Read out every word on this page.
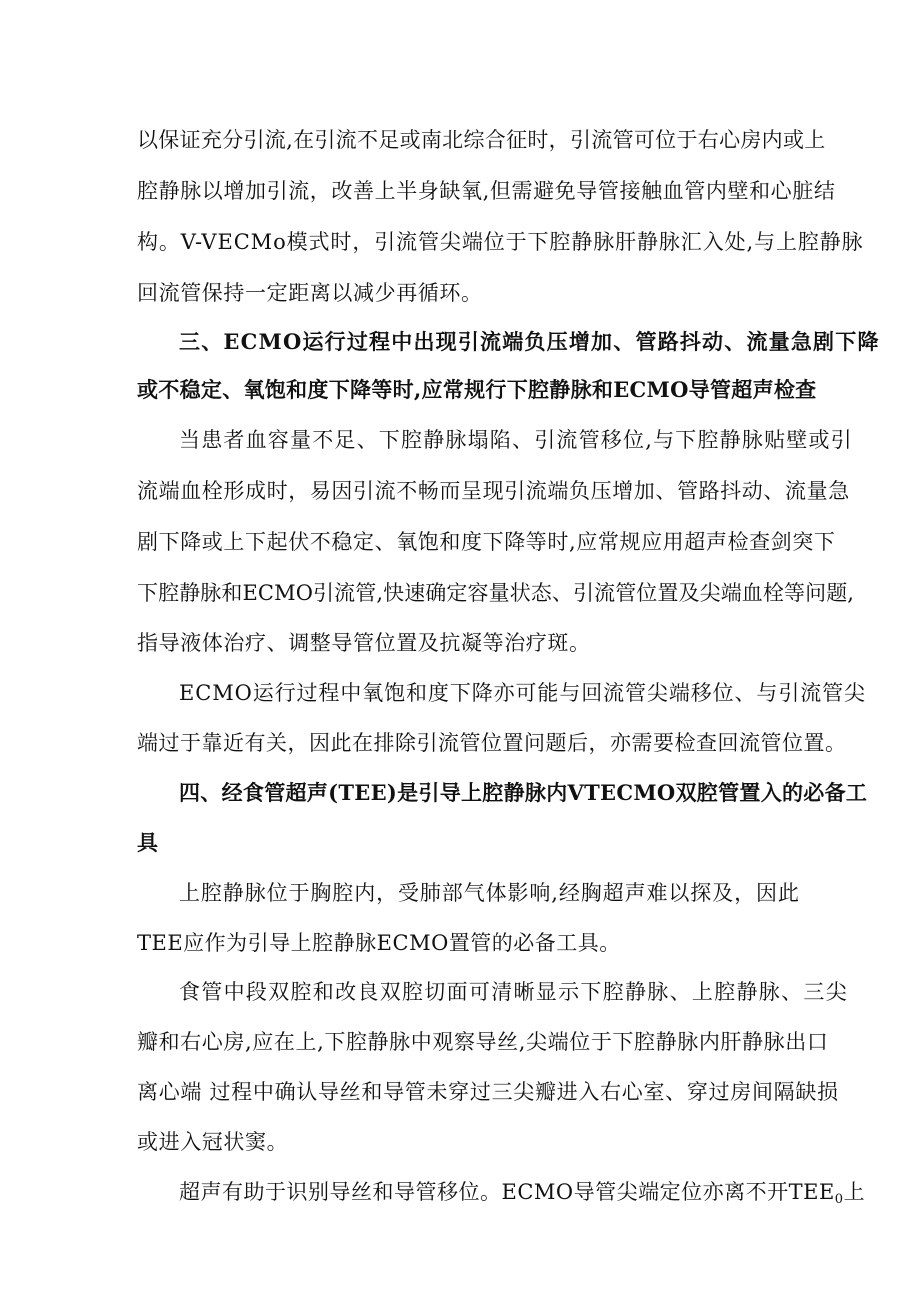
以保证充分引流,在引流不足或南北综合征时，引流管可位于右心房内或上
腔静脉以增加引流，改善上半身缺氧,但需避免导管接触血管内壁和心脏结
构。V-VECMo模式时，引流管尖端位于下腔静脉肝静脉汇入处,与上腔静脉
回流管保持一定距离以减少再循环。
三、ECMO运行过程中出现引流端负压增加、管路抖动、流量急剧下降
或不稳定、氧饱和度下降等时,应常规行下腔静脉和ECMO导管超声检查
当患者血容量不足、下腔静脉塌陷、引流管移位,与下腔静脉贴壁或引
流端血栓形成时，易因引流不畅而呈现引流端负压增加、管路抖动、流量急
剧下降或上下起伏不稳定、氧饱和度下降等时,应常规应用超声检查剑突下
下腔静脉和ECMO引流管,快速确定容量状态、引流管位置及尖端血栓等问题,
指导液体治疗、调整导管位置及抗凝等治疗斑。
ECMO运行过程中氧饱和度下降亦可能与回流管尖端移位、与引流管尖
端过于靠近有关，因此在排除引流管位置问题后，亦需要检查回流管位置。
四、经食管超声(TEE)是引导上腔静脉内VTECMO双腔管置入的必备工
具
上腔静脉位于胸腔内，受肺部气体影响,经胸超声难以探及，因此
TEE应作为引导上腔静脉ECMO置管的必备工具。
食管中段双腔和改良双腔切面可清晰显示下腔静脉、上腔静脉、三尖
瓣和右心房,应在上,下腔静脉中观察导丝,尖端位于下腔静脉内肝静脉出口
离心端 过程中确认导丝和导管未穿过三尖瓣进入右心室、穿过房间隔缺损
或进入冠状窦。
超声有助于识别导丝和导管移位。ECMO导管尖端定位亦离不开$TEE_0$上
